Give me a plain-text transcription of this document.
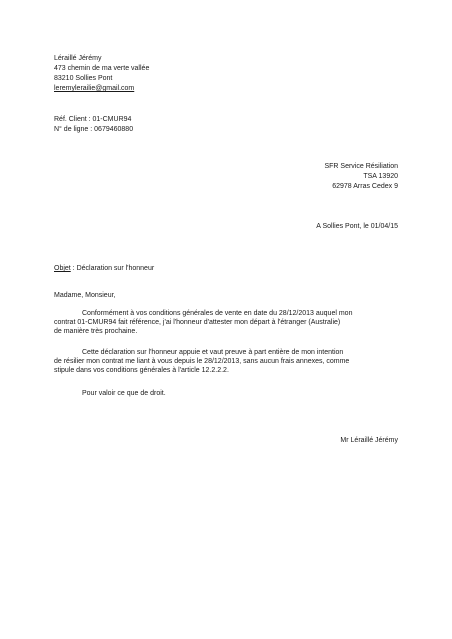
Léraillé Jérémy
473 chemin de ma verte vallée
83210 Sollies Pont
leremylerailie@gmail.com
Réf. Client : 01-CMUR94
N° de ligne : 0679460880
SFR Service Résiliation
TSA 13920
62978 Arras Cedex 9
A Sollies Pont, le 01/04/15
Objet : Déclaration sur l'honneur
Madame, Monsieur,
Conformément à vos conditions générales de vente en date du 28/12/2013 auquel mon
contrat 01-CMUR94 fait référence, j'ai l'honneur d'attester mon départ à l'étranger (Australie)
de manière très prochaine.
Cette déclaration sur l'honneur appuie et vaut preuve à part entière de mon intention
de résilier mon contrat me liant à vous depuis le 28/12/2013, sans aucun frais annexes, comme
stipule dans vos conditions générales à l'article 12.2.2.2.
Pour valoir ce que de droit.
Mr Léraillé Jérémy
